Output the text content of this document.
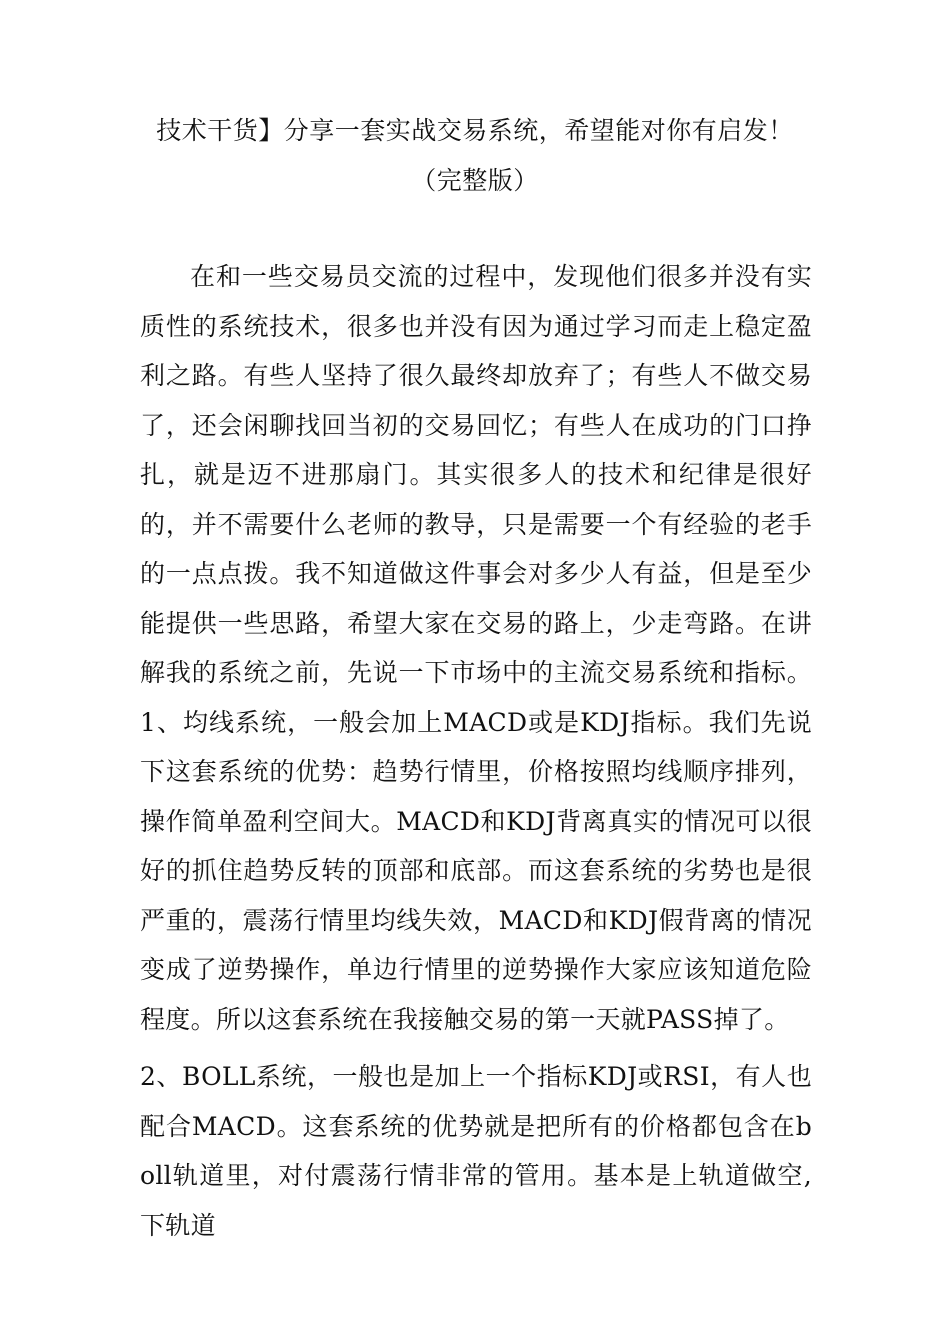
技术干货】分享一套实战交易系统，希望能对你有启发！
（完整版）
在和一些交易员交流的过程中，发现他们很多并没有实质性的系统技术，很多也并没有因为通过学习而走上稳定盈利之路。有些人坚持了很久最终却放弃了；有些人不做交易了，还会闲聊找回当初的交易回忆；有些人在成功的门口挣扎，就是迈不进那扇门。其实很多人的技术和纪律是很好的，并不需要什么老师的教导，只是需要一个有经验的老手的一点点拨。我不知道做这件事会对多少人有益，但是至少能提供一些思路，希望大家在交易的路上，少走弯路。在讲解我的系统之前，先说一下市场中的主流交易系统和指标。1、均线系统，一般会加上MACD或是KDJ指标。我们先说下这套系统的优势：趋势行情里，价格按照均线顺序排列，操作简单盈利空间大。MACD和KDJ背离真实的情况可以很好的抓住趋势反转的顶部和底部。而这套系统的劣势也是很严重的，震荡行情里均线失效，MACD和KDJ假背离的情况变成了逆势操作，单边行情里的逆势操作大家应该知道危险程度。所以这套系统在我接触交易的第一天就PASS掉了。
2、BOLL系统，一般也是加上一个指标KDJ或RSI，有人也配合MACD。这套系统的优势就是把所有的价格都包含在boll轨道里，对付震荡行情非常的管用。基本是上轨道做空,下轨道
